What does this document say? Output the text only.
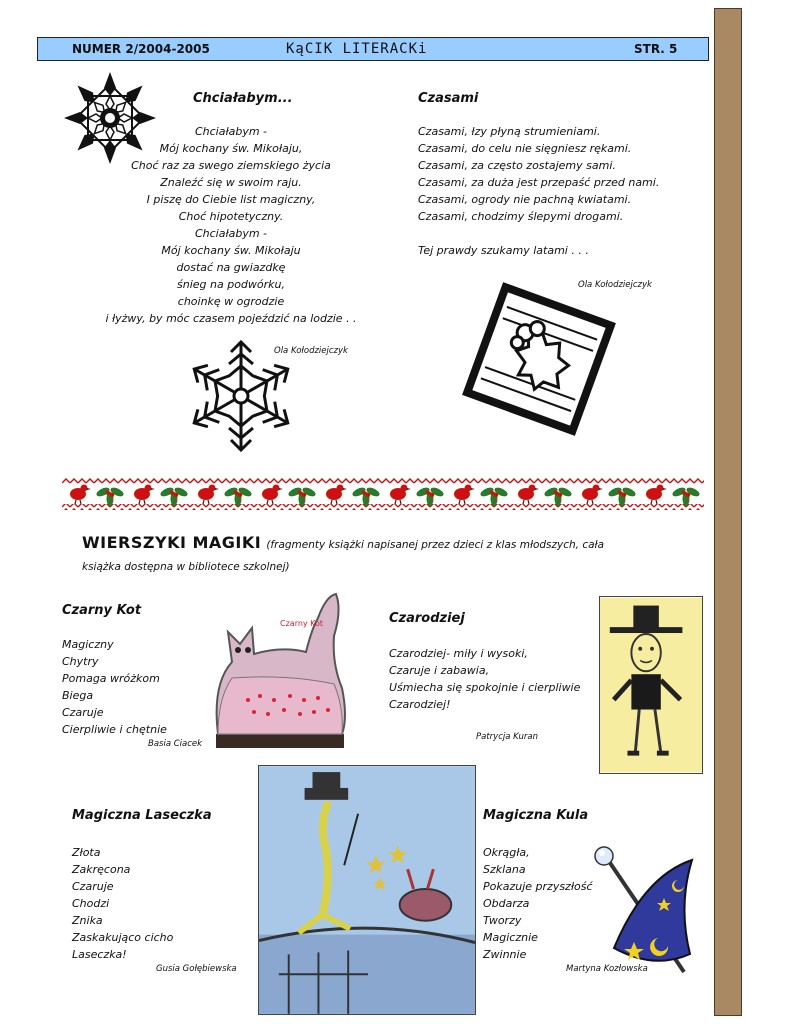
NUMER 2/2004-2005	KąCIK LITERACKi	STR. 5
Chciałabym...
Chciałabym -
Mój kochany św. Mikołaju,
Choć raz za swego ziemskiego życia
Znaleźć się w swoim raju.
I piszę do Ciebie list magiczny,
Choć hipotetyczny.
Chciałabym -
Mój kochany św. Mikołaju
dostać na gwiazdkę
śnieg na podwórku,
choinkę w ogrodzie
i łyżwy, by móc czasem pojeździć na lodzie . .
Ola Kołodziejczyk
Czasami
Czasami, łzy płyną strumieniami.
Czasami, do celu nie sięgniesz rękami.
Czasami, za często zostajemy sami.
Czasami, za duża jest przepaść przed nami.
Czasami, ogrody nie pachną kwiatami.
Czasami, chodzimy ślepymi drogami.

Tej prawdy szukamy latami . . .
Ola Kołodziejczyk
WIERSZYKI MAGIKI (fragmenty książki napisanej przez dzieci z klas młodszych, cała
książka dostępna w bibliotece szkolnej)
Czarny Kot
Magiczny
Chytry
Pomaga wróżkom
Biega
Czaruje
Cierpliwie i chętnie
Basia Ciacek
Czarny Kot	Czarodziej
Czarodziej- miły i wysoki,
Czaruje i zabawia,
Uśmiecha się spokojnie i cierpliwie
Czarodziej!
Patrycja Kuran
Magiczna Laseczka
Złota
Zakręcona
Czaruje
Chodzi
Znika
Zaskakująco cicho
Laseczka!
Gusia Gołębiewska
Magiczna Kula
Okrągła,
Szklana
Pokazuje przyszłość
Obdarza
Tworzy
Magicznie
Zwinnie
Martyna Kozłowska
